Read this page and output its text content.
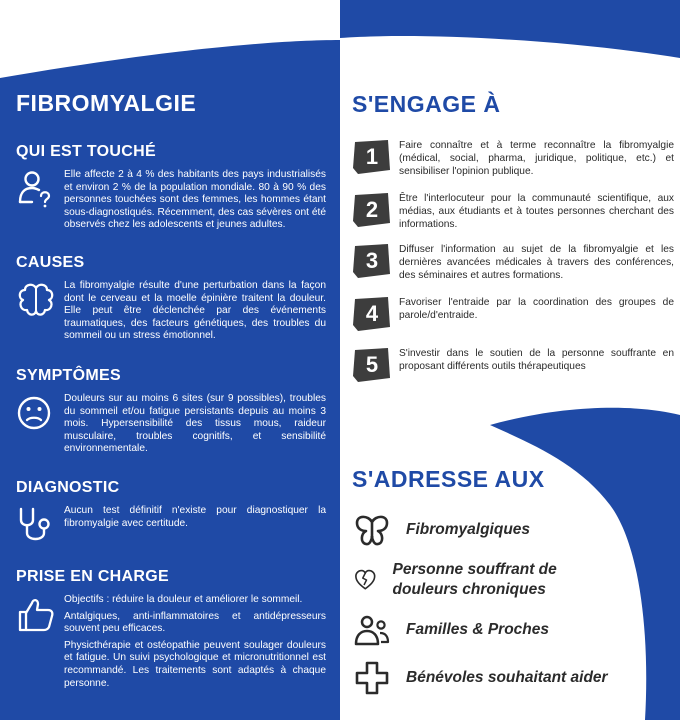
FIBROMYALGIE
QUI EST TOUCHÉ

Elle affecte 2 à 4 % des habitants des pays industrialisés et environ 2 % de la population mondiale. 80 à 90 % des personnes touchées sont des femmes, les hommes étant sous-diagnostiqués. Récemment, des cas sévères ont été observés chez les adolescents et jeunes adultes.

CAUSES

La fibromyalgie résulte d'une perturbation dans la façon dont le cerveau et la moelle épinière traitent la douleur. Elle peut être déclenchée par des événements traumatiques, des facteurs génétiques, des troubles du sommeil ou un stress émotionnel.

SYMPTÔMES

Douleurs sur au moins 6 sites (sur 9 possibles), troubles du sommeil et/ou fatigue persistants depuis au moins 3 mois. Hypersensibilité des tissus mous, raideur musculaire, troubles cognitifs, et sensibilité environnementale.

DIAGNOSTIC

Aucun test définitif n'existe pour diagnostiquer la fibromyalgie avec certitude.

PRISE EN CHARGE

Objectifs : réduire la douleur et améliorer le sommeil.

Antalgiques, anti-inflammatoires et antidépresseurs souvent peu efficaces.

Physicthérapie et ostéopathie peuvent soulager douleurs et fatigue. Un suivi psychologique et micronutritionnel est recommandé. Les traitements sont adaptés à chaque personne.

S'ENGAGE À
1	Faire connaître et à terme reconnaître la fibromyalgie (médical, social, pharma, juridique, politique, etc.) et sensibiliser l'opinion publique.
2	Être l'interlocuteur pour la communauté scientifique, aux médias, aux étudiants et à toutes personnes cherchant des informations.
3	Diffuser l'information au sujet de la fibromyalgie et les dernières avancées médicales à travers des conférences, des séminaires et autres formations.
4	Favoriser l'entraide par la coordination des groupes de parole/d'entraide.
5	S'investir dans le soutien de la personne souffrante en proposant différents outils thérapeutiques
S'ADRESSE AUX
Fibromyalgiques
Personne souffrant de douleurs chroniques
Familles & Proches
Bénévoles souhaitant aider
